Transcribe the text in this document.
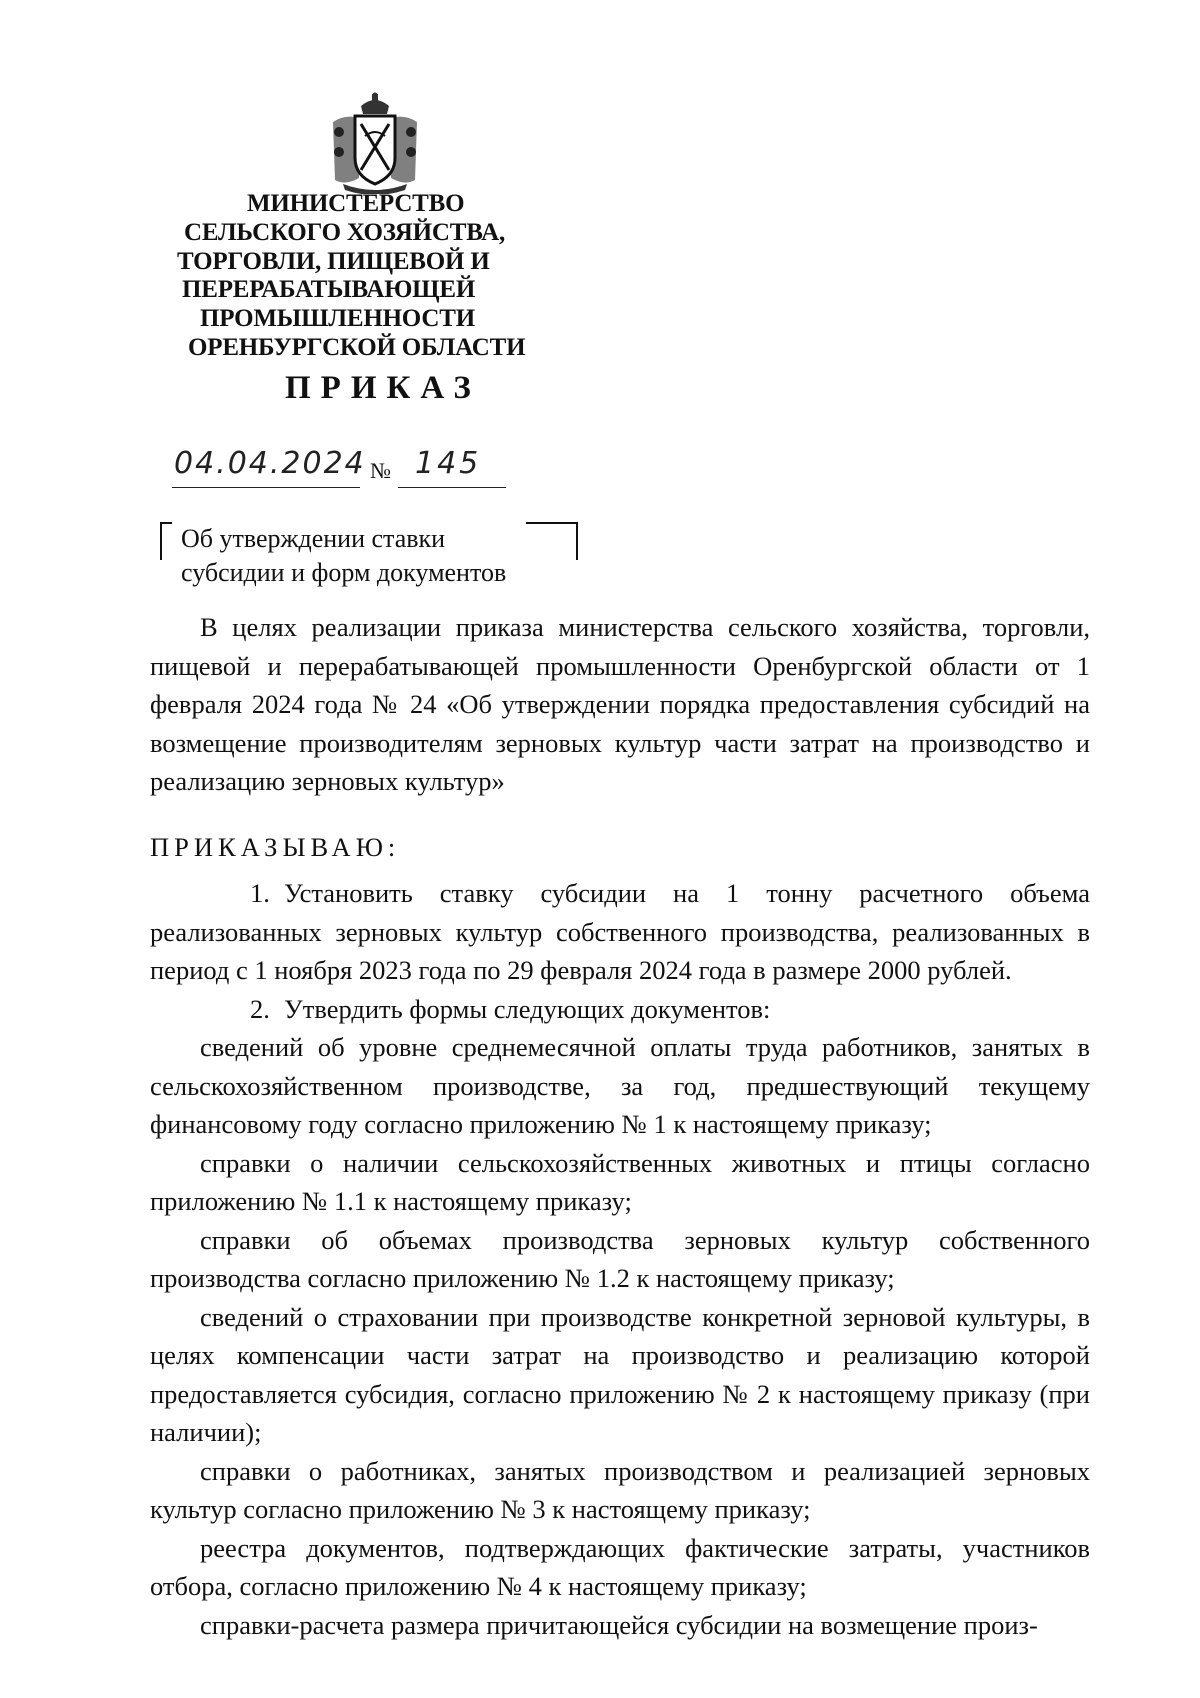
МИНИСТЕРСТВО
СЕЛЬСКОГО ХОЗЯЙСТВА,
ТОРГОВЛИ, ПИЩЕВОЙ И
ПЕРЕРАБАТЫВАЮЩЕЙ
ПРОМЫШЛЕННОСТИ
ОРЕНБУРГСКОЙ ОБЛАСТИ
ПРИКАЗ
04.04.2024 № 145
Об утверждении ставки
субсидии и форм документов

В целях реализации приказа министерства сельского хозяйства, торговли, пищевой и перерабатывающей промышленности Оренбургской области от 1 февраля 2024 года № 24 «Об утверждении порядка предоставления субсидий на возмещение производителям зерновых культур части затрат на производство и реализацию зерновых культур»

ПРИКАЗЫВАЮ:

1. Установить ставку субсидии на 1 тонну расчетного объема реализованных зерновых культур собственного производства, реализованных в период с 1 ноября 2023 года по 29 февраля 2024 года в размере 2000 рублей.

2. Утвердить формы следующих документов:

сведений об уровне среднемесячной оплаты труда работников, занятых в сельскохозяйственном производстве, за год, предшествующий текущему финансовому году согласно приложению № 1 к настоящему приказу;

справки о наличии сельскохозяйственных животных и птицы согласно приложению № 1.1 к настоящему приказу;

справки об объемах производства зерновых культур собственного производства согласно приложению № 1.2 к настоящему приказу;

сведений о страховании при производстве конкретной зерновой культуры, в целях компенсации части затрат на производство и реализацию которой предоставляется субсидия, согласно приложению № 2 к настоящему приказу (при наличии);

справки о работниках, занятых производством и реализацией зерновых культур согласно приложению № 3 к настоящему приказу;

реестра документов, подтверждающих фактические затраты, участников отбора, согласно приложению № 4 к настоящему приказу;

справки-расчета размера причитающейся субсидии на возмещение произ-
